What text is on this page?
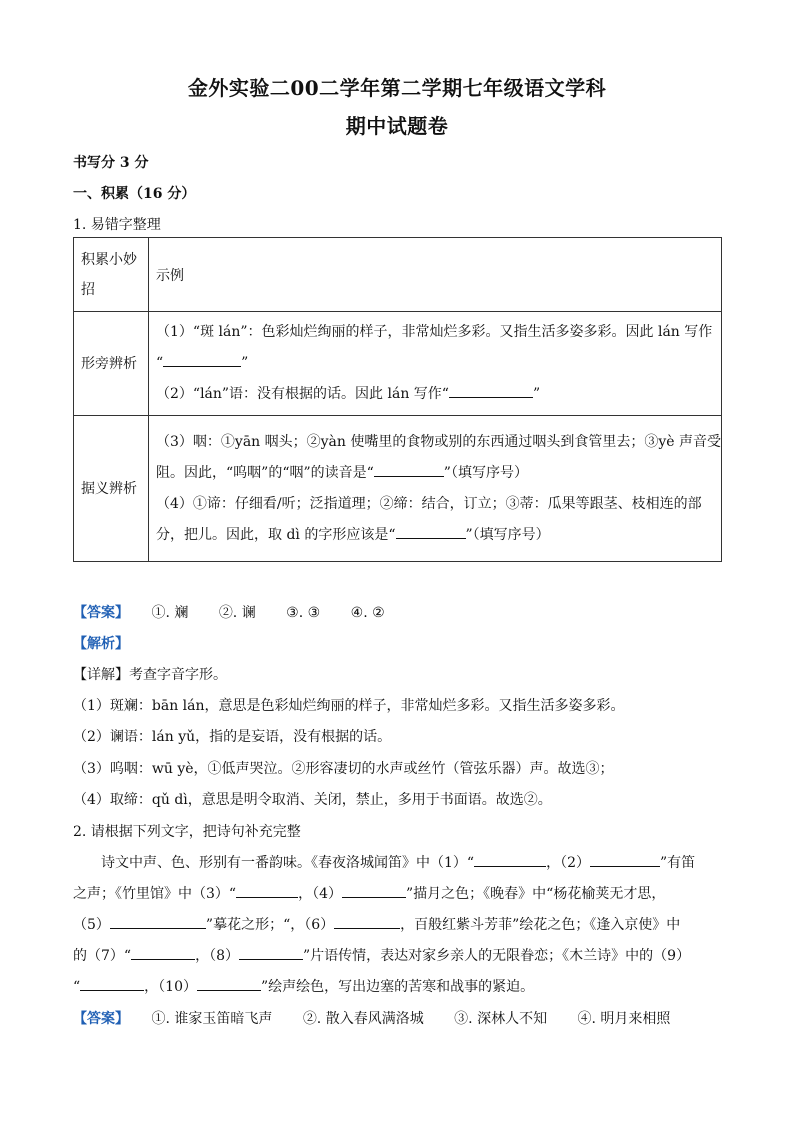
金外实验二00二学年第二学期七年级语文学科
期中试题卷
书写分 3 分
一、积累（16 分）
1. 易错字整理
积累小妙
招	示例
形旁辨析	（1）“斑 lán”：色彩灿烂绚丽的样子，非常灿烂多彩。又指生活多姿多彩。因此 lán 写作
“ ”
（2）“lán”语：没有根据的话。因此 lán 写作“ ”

据义辨析	（3）咽：①yān 咽头；②yàn 使嘴里的食物或别的东西通过咽头到食管里去；③yè 声音受
阻。因此，“呜咽”的“咽”的读音是“ ”（填写序号）
（4）①谛：仔细看/听；泛指道理；②缔：结合，订立；③蒂：瓜果等跟茎、枝相连的部
分，把儿。因此，取 dì 的字形应该是“ ”（填写序号）
【答案】 ①. 斓 ②. 谰 ③. ③ ④. ②
【解析】
【详解】考查字音字形。
（1）斑斓：bān lán，意思是色彩灿烂绚丽的样子，非常灿烂多彩。又指生活多姿多彩。
（2）谰语：lán yǔ，指的是妄语，没有根据的话。
（3）呜咽：wū yè，①低声哭泣。②形容凄切的水声或丝竹（管弦乐器）声。故选③；
（4）取缔：qǔ dì，意思是明令取消、关闭，禁止，多用于书面语。故选②。
2. 请根据下列文字，把诗句补充完整
诗文中声、色、形别有一番韵味。《春夜洛城闻笛》中（1）“	，（2）	”有笛
之声；《竹里馆》中（3）“	，（4）	”描月之色；《晚春》中“杨花榆荚无才思，
（5）	”摹花之形；“，（6）	，百般红紫斗芳菲”绘花之色；《逢入京使》中
的（7）“	，（8）	”片语传情，表达对家乡亲人的无限眷恋；《木兰诗》中的（9）
“	，（10）	”绘声绘色，写出边塞的苦寒和战事的紧迫。
【答案】 ①. 谁家玉笛暗飞声 ②. 散入春风满洛城 ③. 深林人不知 ④. 明月来相照
